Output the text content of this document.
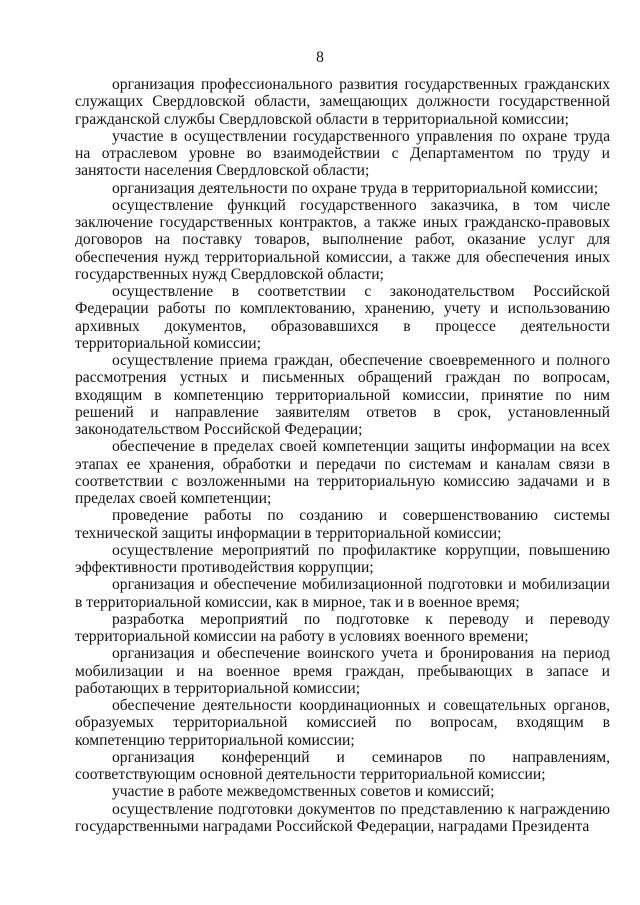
8

организация профессионального развития государственных гражданских служащих Свердловской области, замещающих должности государственной гражданской службы Свердловской области в территориальной комиссии;

участие в осуществлении государственного управления по охране труда на отраслевом уровне во взаимодействии с Департаментом по труду и занятости населения Свердловской области;

организация деятельности по охране труда в территориальной комиссии;

осуществление функций государственного заказчика, в том числе заключение государственных контрактов, а также иных гражданско-правовых договоров на поставку товаров, выполнение работ, оказание услуг для обеспечения нужд территориальной комиссии, а также для обеспечения иных государственных нужд Свердловской области;

осуществление в соответствии с законодательством Российской Федерации работы по комплектованию, хранению, учету и использованию архивных документов, образовавшихся в процессе деятельности территориальной комиссии;

осуществление приема граждан, обеспечение своевременного и полного рассмотрения устных и письменных обращений граждан по вопросам, входящим в компетенцию территориальной комиссии, принятие по ним решений и направление заявителям ответов в срок, установленный законодательством Российской Федерации;

обеспечение в пределах своей компетенции защиты информации на всех этапах ее хранения, обработки и передачи по системам и каналам связи в соответствии с возложенными на территориальную комиссию задачами и в пределах своей компетенции;

проведение работы по созданию и совершенствованию системы технической защиты информации в территориальной комиссии;

осуществление мероприятий по профилактике коррупции, повышению эффективности противодействия коррупции;

организация и обеспечение мобилизационной подготовки и мобилизации в территориальной комиссии, как в мирное, так и в военное время;

разработка мероприятий по подготовке к переводу и переводу территориальной комиссии на работу в условиях военного времени;

организация и обеспечение воинского учета и бронирования на период мобилизации и на военное время граждан, пребывающих в запасе и работающих в территориальной комиссии;

обеспечение деятельности координационных и совещательных органов, образуемых территориальной комиссией по вопросам, входящим в компетенцию территориальной комиссии;

организация конференций и семинаров по направлениям, соответствующим основной деятельности территориальной комиссии;

участие в работе межведомственных советов и комиссий;

осуществление подготовки документов по представлению к награждению государственными наградами Российской Федерации, наградами Президента
